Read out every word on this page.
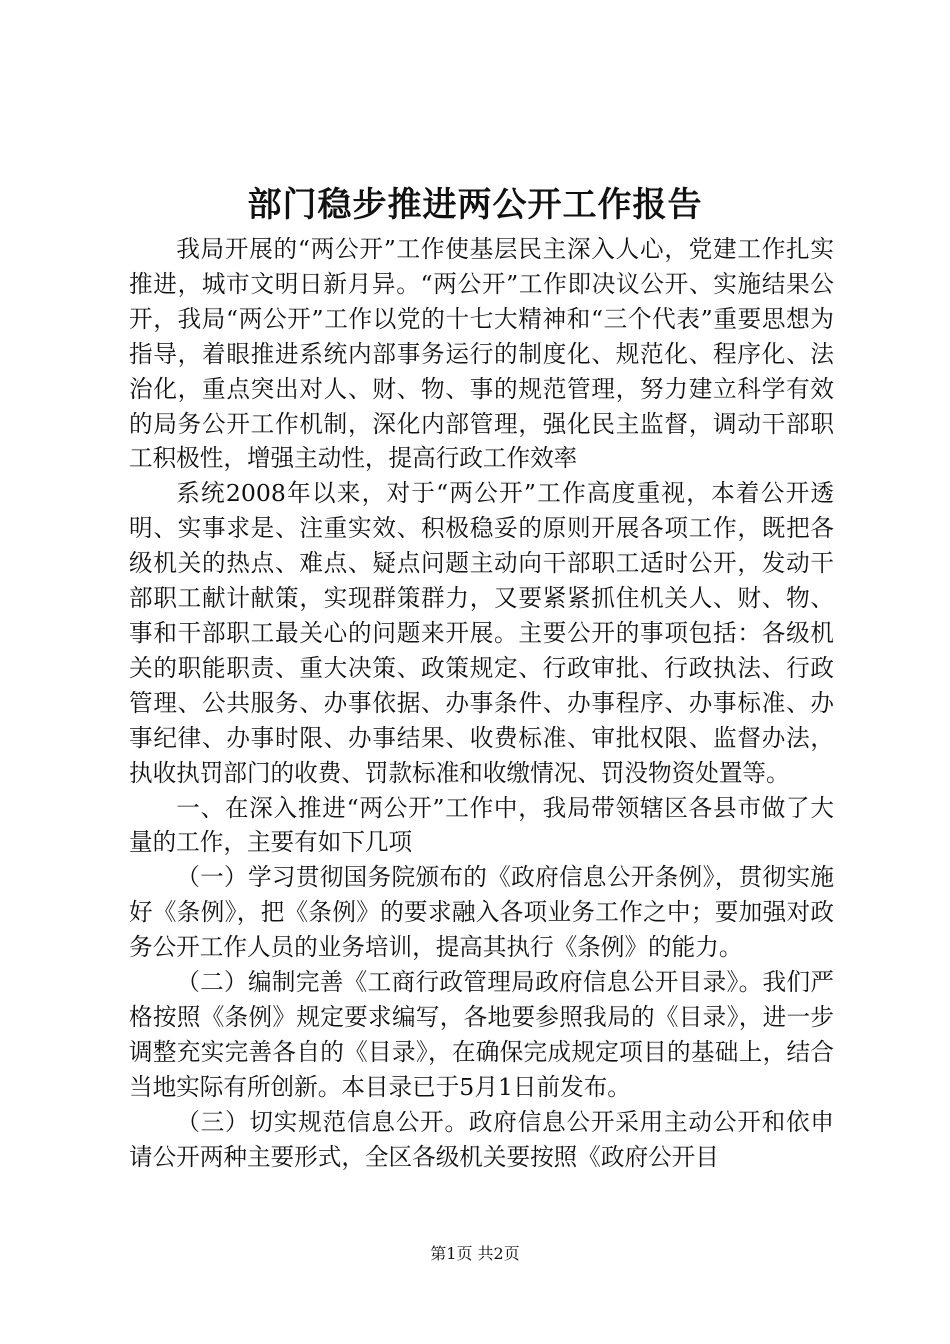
部门稳步推进两公开工作报告

我局开展的“两公开”工作使基层民主深入人心，党建工作扎实推进，城市文明日新月异。“两公开”工作即决议公开、实施结果公开，我局“两公开”工作以党的十七大精神和“三个代表”重要思想为指导，着眼推进系统内部事务运行的制度化、规范化、程序化、法治化，重点突出对人、财、物、事的规范管理，努力建立科学有效的局务公开工作机制，深化内部管理，强化民主监督，调动干部职工积极性，增强主动性，提高行政工作效率

系统2008年以来，对于“两公开”工作高度重视，本着公开透明、实事求是、注重实效、积极稳妥的原则开展各项工作，既把各级机关的热点、难点、疑点问题主动向干部职工适时公开，发动干部职工献计献策，实现群策群力，又要紧紧抓住机关人、财、物、事和干部职工最关心的问题来开展。主要公开的事项包括：各级机关的职能职责、重大决策、政策规定、行政审批、行政执法、行政管理、公共服务、办事依据、办事条件、办事程序、办事标准、办事纪律、办事时限、办事结果、收费标准、审批权限、监督办法，执收执罚部门的收费、罚款标准和收缴情况、罚没物资处置等。

一、在深入推进“两公开”工作中，我局带领辖区各县市做了大量的工作，主要有如下几项

（一）学习贯彻国务院颁布的《政府信息公开条例》，贯彻实施好《条例》，把《条例》的要求融入各项业务工作之中；要加强对政务公开工作人员的业务培训，提高其执行《条例》的能力。

（二）编制完善《工商行政管理局政府信息公开目录》。我们严格按照《条例》规定要求编写，各地要参照我局的《目录》，进一步调整充实完善各自的《目录》，在确保完成规定项目的基础上，结合当地实际有所创新。本目录已于5月1日前发布。

（三）切实规范信息公开。政府信息公开采用主动公开和依申请公开两种主要形式，全区各级机关要按照《政府公开目

第1页 共2页
